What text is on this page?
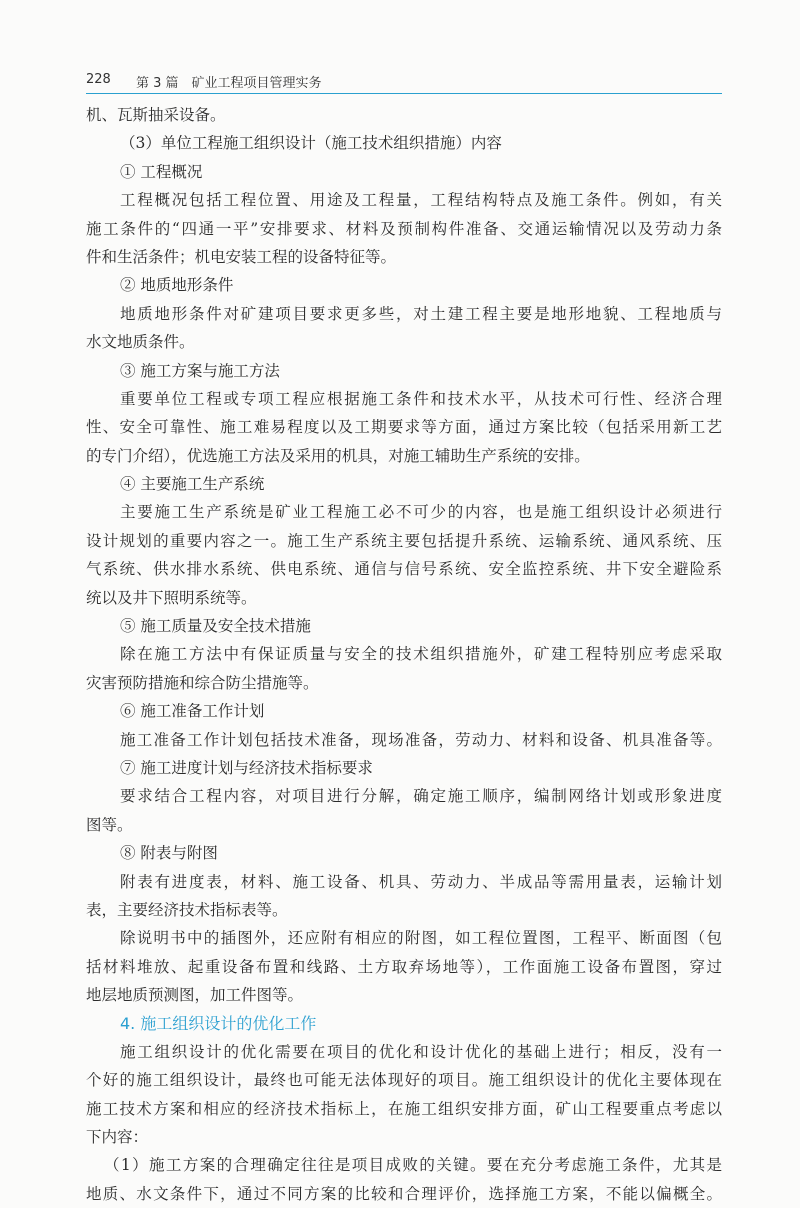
228 第 3 篇　矿业工程项目管理实务
机、瓦斯抽采设备。
（3）单位工程施工组织设计（施工技术组织措施）内容
① 工程概况
工程概况包括工程位置、用途及工程量，工程结构特点及施工条件。例如，有关
施工条件的“四通一平”安排要求、材料及预制构件准备、交通运输情况以及劳动力条
件和生活条件；机电安装工程的设备特征等。
② 地质地形条件
地质地形条件对矿建项目要求更多些，对土建工程主要是地形地貌、工程地质与
水文地质条件。
③ 施工方案与施工方法
重要单位工程或专项工程应根据施工条件和技术水平，从技术可行性、经济合理
性、安全可靠性、施工难易程度以及工期要求等方面，通过方案比较（包括采用新工艺
的专门介绍），优选施工方法及采用的机具，对施工辅助生产系统的安排。
④ 主要施工生产系统
主要施工生产系统是矿业工程施工必不可少的内容，也是施工组织设计必须进行
设计规划的重要内容之一。施工生产系统主要包括提升系统、运输系统、通风系统、压
气系统、供水排水系统、供电系统、通信与信号系统、安全监控系统、井下安全避险系
统以及井下照明系统等。
⑤ 施工质量及安全技术措施
除在施工方法中有保证质量与安全的技术组织措施外，矿建工程特别应考虑采取
灾害预防措施和综合防尘措施等。
⑥ 施工准备工作计划
施工准备工作计划包括技术准备，现场准备，劳动力、材料和设备、机具准备等。
⑦ 施工进度计划与经济技术指标要求
要求结合工程内容，对项目进行分解，确定施工顺序，编制网络计划或形象进度
图等。
⑧ 附表与附图
附表有进度表，材料、施工设备、机具、劳动力、半成品等需用量表，运输计划
表，主要经济技术指标表等。
除说明书中的插图外，还应附有相应的附图，如工程位置图，工程平、断面图（包
括材料堆放、起重设备布置和线路、土方取弃场地等），工作面施工设备布置图，穿过
地层地质预测图，加工件图等。
4. 施工组织设计的优化工作
施工组织设计的优化需要在项目的优化和设计优化的基础上进行；相反，没有一
个好的施工组织设计，最终也可能无法体现好的项目。施工组织设计的优化主要体现在
施工技术方案和相应的经济技术指标上，在施工组织安排方面，矿山工程要重点考虑以
下内容：
（1）施工方案的合理确定往往是项目成败的关键。要在充分考虑施工条件，尤其是
地质、水文条件下，通过不同方案的比较和合理评价，选择施工方案，不能以偏概全。
